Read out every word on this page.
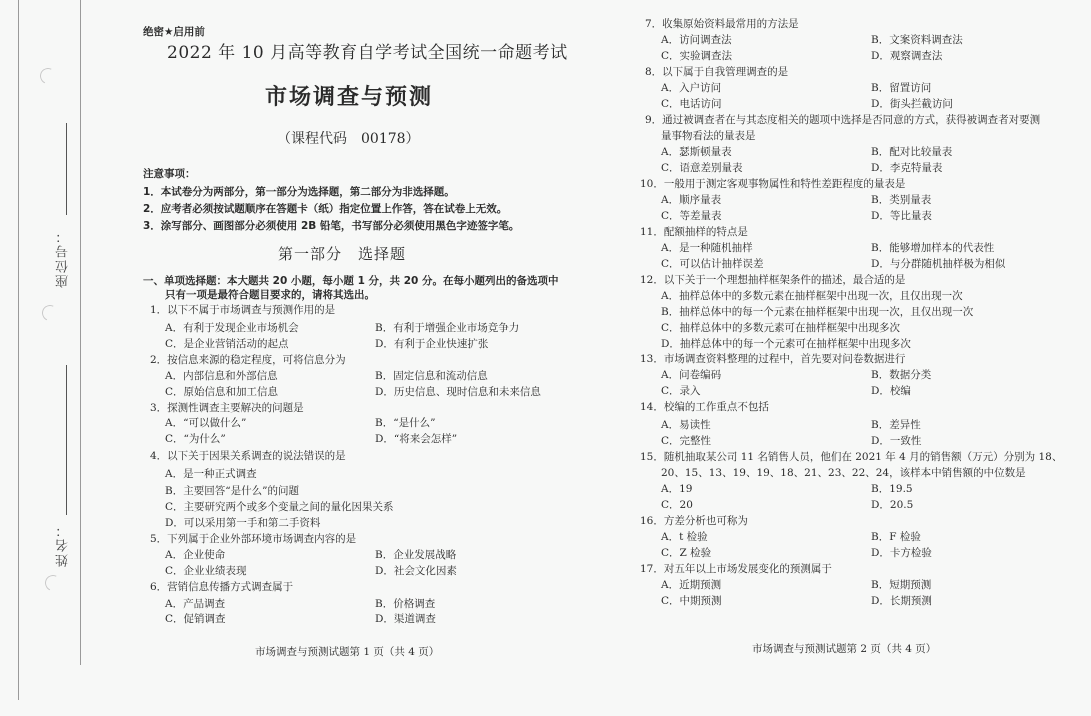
座位号：
姓名：
绝密★启用前
2022 年 10 月高等教育自学考试全国统一命题考试
市场调查与预测
（课程代码　00178）
注意事项：
1．本试卷分为两部分，第一部分为选择题，第二部分为非选择题。
2．应考者必须按试题顺序在答题卡（纸）指定位置上作答，答在试卷上无效。
3．涂写部分、画图部分必须使用 2B 铅笔，书写部分必须使用黑色字迹签字笔。
第一部分　选择题
一、单项选择题：本大题共 20 小题，每小题 1 分，共 20 分。在每小题列出的备选项中
只有一项是最符合题目要求的，请将其选出。
1．以下不属于市场调查与预测作用的是
A．有利于发现企业市场机会	B．有利于增强企业市场竞争力
C．是企业营销活动的起点	D．有利于企业快速扩张
2．按信息来源的稳定程度，可将信息分为
A．内部信息和外部信息	B．固定信息和流动信息
C．原始信息和加工信息	D．历史信息、现时信息和未来信息
3．探测性调查主要解决的问题是
A．“可以做什么”	B．“是什么”
C．“为什么”	D．“将来会怎样”
4．以下关于因果关系调查的说法错误的是
A．是一种正式调查
B．主要回答“是什么”的问题
C．主要研究两个或多个变量之间的量化因果关系
D．可以采用第一手和第二手资料
5．下列属于企业外部环境市场调查内容的是
A．企业使命	B．企业发展战略
C．企业业绩表现	D．社会文化因素
6．营销信息传播方式调查属于
A．产品调查	B．价格调查
C．促销调查	D．渠道调查
市场调查与预测试题第 1 页（共 4 页）
7．收集原始资料最常用的方法是
A．访问调查法	B．文案资料调查法
C．实验调查法	D．观察调查法
8．以下属于自我管理调查的是
A．入户访问	B．留置访问
C．电话访问	D．街头拦截访问
9．通过被调查者在与其态度相关的题项中选择是否同意的方式，获得被调查者对要测
量事物看法的量表是
A．瑟斯顿量表	B．配对比较量表
C．语意差别量表	D．李克特量表
10．一般用于测定客观事物属性和特性差距程度的量表是
A．顺序量表	B．类别量表
C．等差量表	D．等比量表
11．配额抽样的特点是
A．是一种随机抽样	B．能够增加样本的代表性
C．可以估计抽样误差	D．与分群随机抽样极为相似
12．以下关于一个理想抽样框架条件的描述，最合适的是
A．抽样总体中的多数元素在抽样框架中出现一次，且仅出现一次
B．抽样总体中的每一个元素在抽样框架中出现一次，且仅出现一次
C．抽样总体中的多数元素可在抽样框架中出现多次
D．抽样总体中的每一个元素可在抽样框架中出现多次
13．市场调查资料整理的过程中，首先要对问卷数据进行
A．问卷编码	B．数据分类
C．录入	D．校编
14．校编的工作重点不包括
A．易读性	B．差异性
C．完整性	D．一致性
15．随机抽取某公司 11 名销售人员，他们在 2021 年 4 月的销售额（万元）分别为 18、
20、15、13、19、19、18、21、23、22、24，该样本中销售额的中位数是
A．19	B．19.5
C．20	D．20.5
16．方差分析也可称为
A．t 检验	B．F 检验
C．Z 检验	D．卡方检验
17．对五年以上市场发展变化的预测属于
A．近期预测	B．短期预测
C．中期预测	D．长期预测
市场调查与预测试题第 2 页（共 4 页）
